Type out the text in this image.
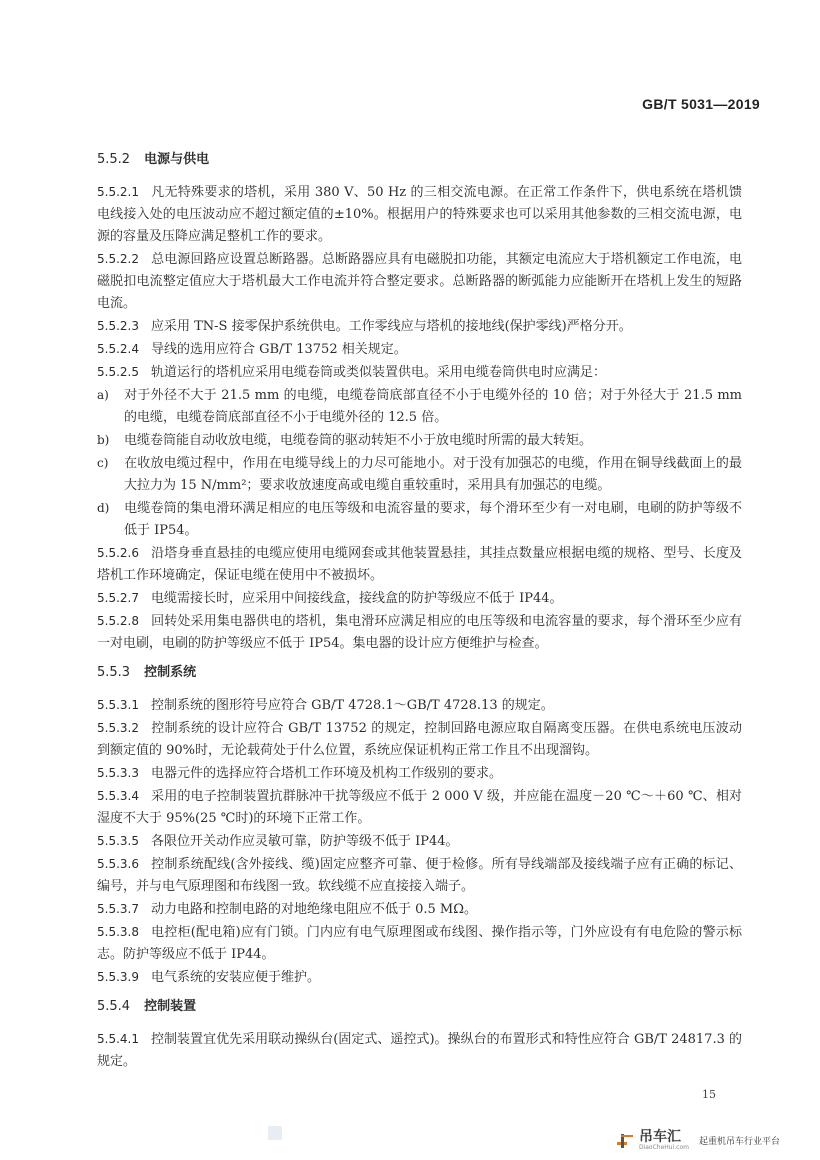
GB/T 5031—2019
5.5.2 电源与供电
5.5.2.1 凡无特殊要求的塔机，采用 380 V、50 Hz 的三相交流电源。在正常工作条件下，供电系统在塔机馈电线接入处的电压波动应不超过额定值的±10%。根据用户的特殊要求也可以采用其他参数的三相交流电源，电源的容量及压降应满足整机工作的要求。
5.5.2.2 总电源回路应设置总断路器。总断路器应具有电磁脱扣功能，其额定电流应大于塔机额定工作电流，电磁脱扣电流整定值应大于塔机最大工作电流并符合整定要求。总断路器的断弧能力应能断开在塔机上发生的短路电流。
5.5.2.3 应采用 TN-S 接零保护系统供电。工作零线应与塔机的接地线(保护零线)严格分开。
5.5.2.4 导线的选用应符合 GB/T 13752 相关规定。
5.5.2.5 轨道运行的塔机应采用电缆卷筒或类似装置供电。采用电缆卷筒供电时应满足：
a) 对于外径不大于 21.5 mm 的电缆，电缆卷筒底部直径不小于电缆外径的 10 倍；对于外径大于 21.5 mm 的电缆，电缆卷筒底部直径不小于电缆外径的 12.5 倍。
b) 电缆卷筒能自动收放电缆，电缆卷筒的驱动转矩不小于放电缆时所需的最大转矩。
c) 在收放电缆过程中，作用在电缆导线上的力尽可能地小。对于没有加强芯的电缆，作用在铜导线截面上的最大拉力为 15 N/mm²；要求收放速度高或电缆自重较重时，采用具有加强芯的电缆。
d) 电缆卷筒的集电滑环满足相应的电压等级和电流容量的要求，每个滑环至少有一对电刷，电刷的防护等级不低于 IP54。
5.5.2.6 沿塔身垂直悬挂的电缆应使用电缆网套或其他装置悬挂，其挂点数量应根据电缆的规格、型号、长度及塔机工作环境确定，保证电缆在使用中不被损坏。
5.5.2.7 电缆需接长时，应采用中间接线盒，接线盒的防护等级应不低于 IP44。
5.5.2.8 回转处采用集电器供电的塔机，集电滑环应满足相应的电压等级和电流容量的要求，每个滑环至少应有一对电刷，电刷的防护等级应不低于 IP54。集电器的设计应方便维护与检查。
5.5.3 控制系统
5.5.3.1 控制系统的图形符号应符合 GB/T 4728.1～GB/T 4728.13 的规定。
5.5.3.2 控制系统的设计应符合 GB/T 13752 的规定，控制回路电源应取自隔离变压器。在供电系统电压波动到额定值的 90%时，无论载荷处于什么位置，系统应保证机构正常工作且不出现溜钩。
5.5.3.3 电器元件的选择应符合塔机工作环境及机构工作级别的要求。
5.5.3.4 采用的电子控制装置抗群脉冲干扰等级应不低于 2 000 V 级，并应能在温度－20 ℃～＋60 ℃、相对湿度不大于 95%(25 ℃时)的环境下正常工作。
5.5.3.5 各限位开关动作应灵敏可靠，防护等级不低于 IP44。
5.5.3.6 控制系统配线(含外接线、缆)固定应整齐可靠、便于检修。所有导线端部及接线端子应有正确的标记、编号，并与电气原理图和布线图一致。软线缆不应直接接入端子。
5.5.3.7 动力电路和控制电路的对地绝缘电阻应不低于 0.5 MΩ。
5.5.3.8 电控柜(配电箱)应有门锁。门内应有电气原理图或布线图、操作指示等，门外应设有有电危险的警示标志。防护等级应不低于 IP44。
5.5.3.9 电气系统的安装应便于维护。
5.5.4 控制装置
5.5.4.1 控制装置宜优先采用联动操纵台(固定式、遥控式)。操纵台的布置形式和特性应符合 GB/T 24817.3 的规定。
15
吊车汇
DiaoCheHui.com
起重机吊车行业平台
